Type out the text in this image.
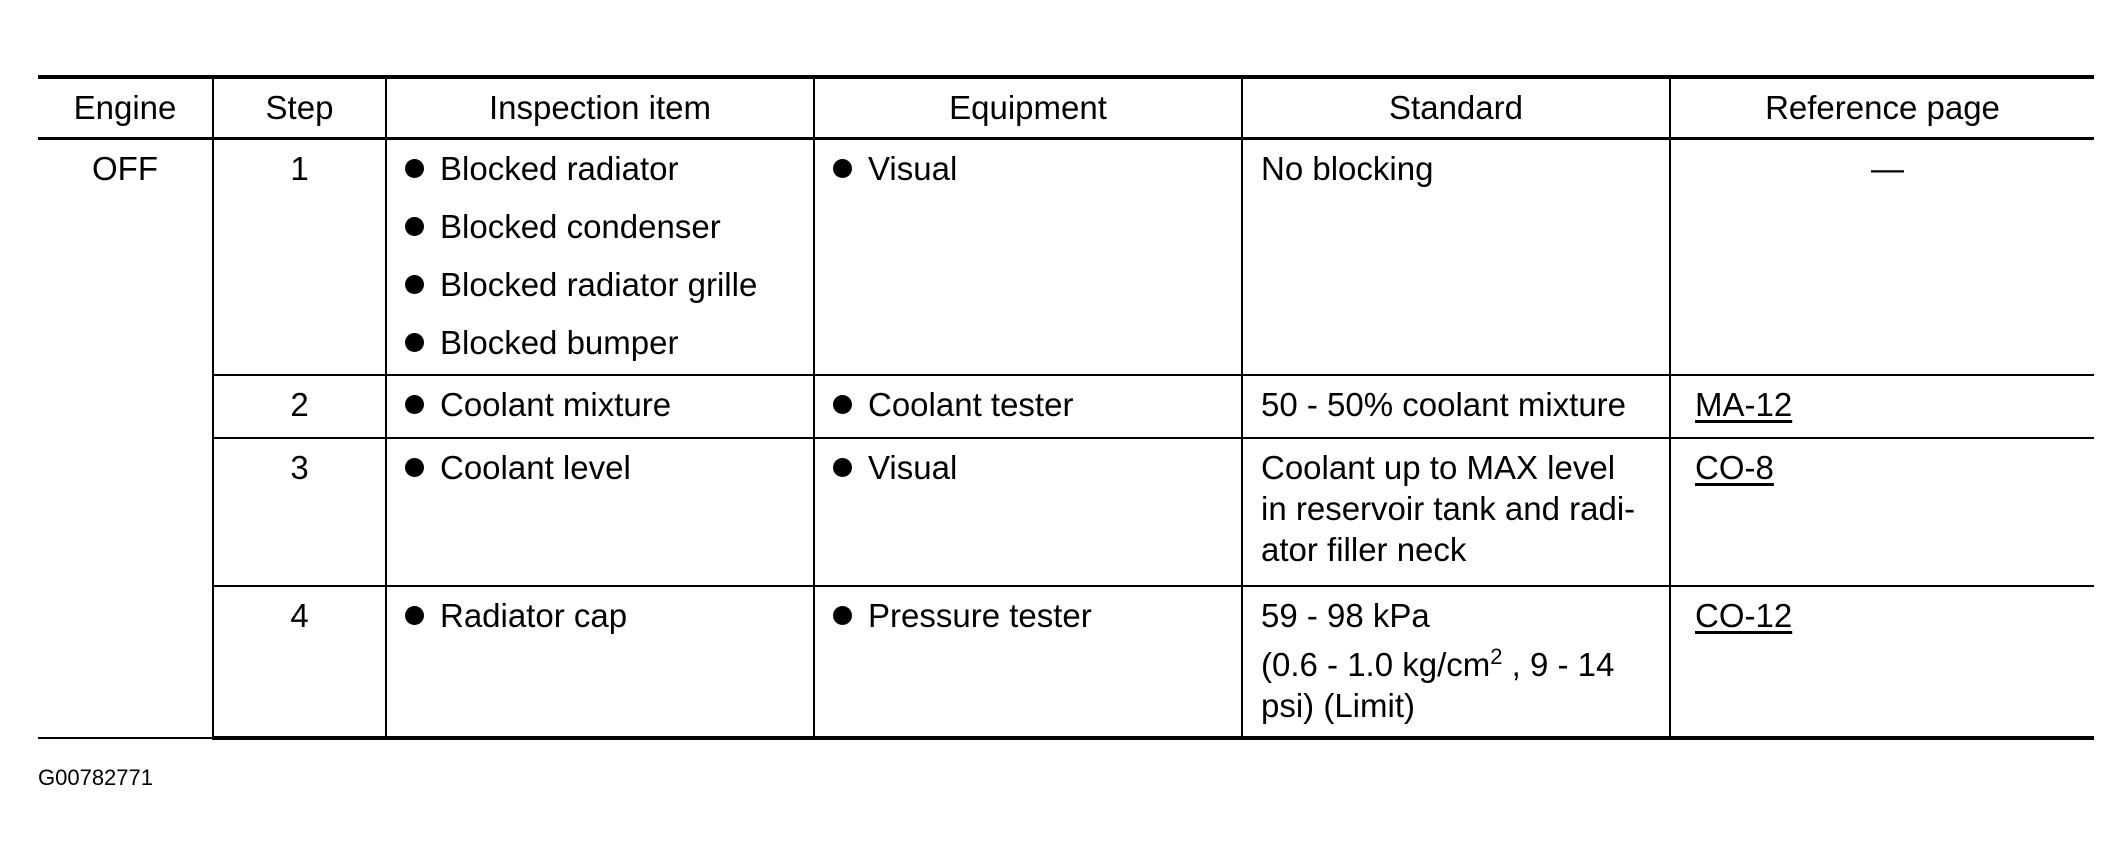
Engine	Step	Inspection item	Equipment	Standard	Reference page
OFF	1	Blocked radiator
Blocked condenser
Blocked radiator grille
Blocked bumper	Visual	No blocking	—
	2	Coolant mixture	Coolant tester	50 - 50% coolant mixture	MA-12
	3	Coolant level	Visual	Coolant up to MAX level
in reservoir tank and radi-
ator filler neck	CO-8
	4	Radiator cap	Pressure tester	59 - 98 kPa
(0.6 - 1.0 $kg/cm^2$ , 9 - 14
psi) (Limit)	CO-12
G00782771
